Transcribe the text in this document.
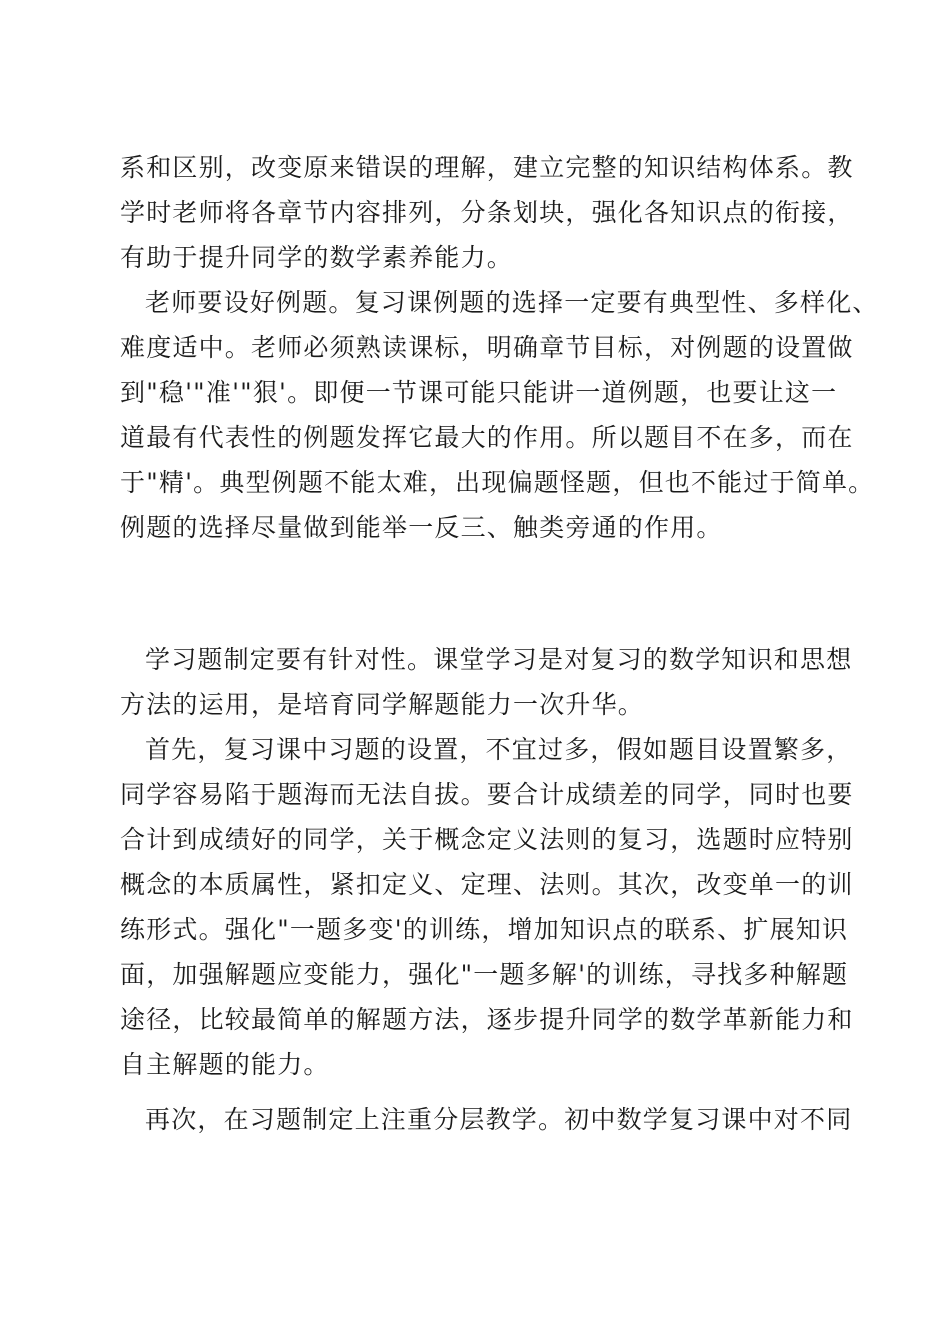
系和区别，改变原来错误的理解，建立完整的知识结构体系。教
学时老师将各章节内容排列，分条划块，强化各知识点的衔接，
有助于提升同学的数学素养能力。
老师要设好例题。复习课例题的选择一定要有典型性、多样化、
难度适中。老师必须熟读课标，明确章节目标，对例题的设置做
到"稳'"准'"狠'。即便一节课可能只能讲一道例题，也要让这一
道最有代表性的例题发挥它最大的作用。所以题目不在多，而在
于"精'。典型例题不能太难，出现偏题怪题，但也不能过于简单。
例题的选择尽量做到能举一反三、触类旁通的作用。
学习题制定要有针对性。课堂学习是对复习的数学知识和思想
方法的运用，是培育同学解题能力一次升华。
首先，复习课中习题的设置，不宜过多，假如题目设置繁多，
同学容易陷于题海而无法自拔。要合计成绩差的同学，同时也要
合计到成绩好的同学，关于概念定义法则的复习，选题时应特别
概念的本质属性，紧扣定义、定理、法则。其次，改变单一的训
练形式。强化"一题多变'的训练，增加知识点的联系、扩展知识
面，加强解题应变能力，强化"一题多解'的训练，寻找多种解题
途径，比较最简单的解题方法，逐步提升同学的数学革新能力和
自主解题的能力。
再次，在习题制定上注重分层教学。初中数学复习课中对不同
